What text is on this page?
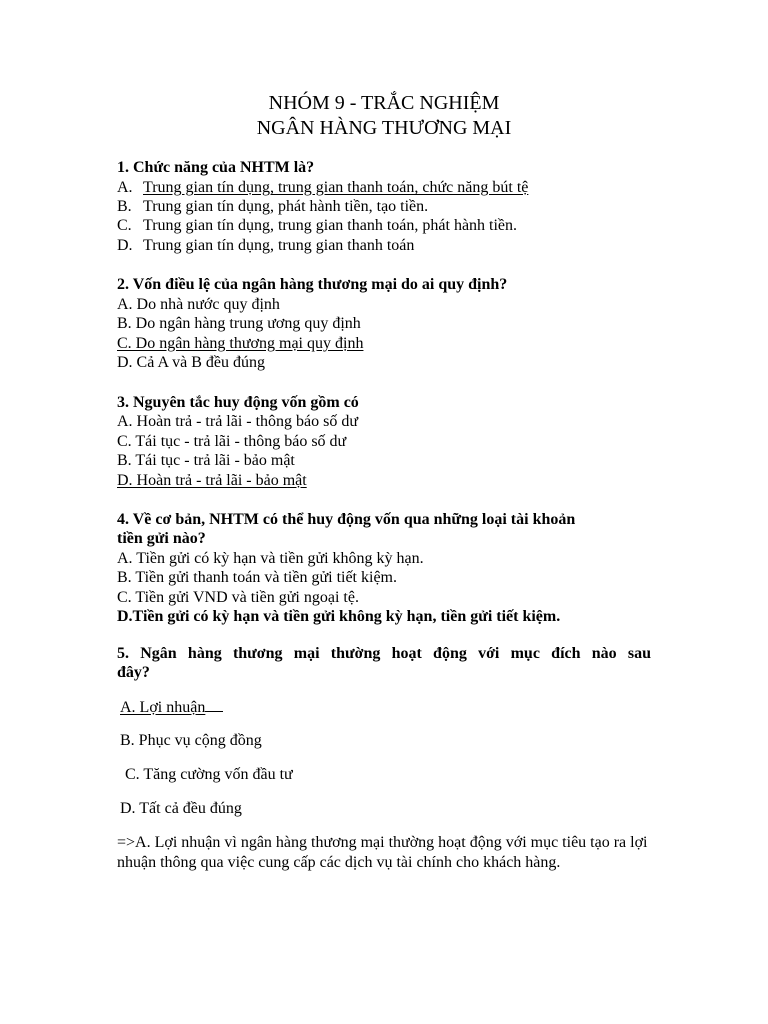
NHÓM 9 - TRẮC NGHIỆM
NGÂN HÀNG THƯƠNG MẠI
1. Chức năng của NHTM là?
A. Trung gian tín dụng, trung gian thanh toán, chức năng bút tệ
B. Trung gian tín dụng, phát hành tiền, tạo tiền.
C. Trung gian tín dụng, trung gian thanh toán, phát hành tiền.
D. Trung gian tín dụng, trung gian thanh toán
2. Vốn điều lệ của ngân hàng thương mại do ai quy định?
A. Do nhà nước quy định
B. Do ngân hàng trung ương quy định
C. Do ngân hàng thương mại quy định
D. Cả A và B đều đúng
3. Nguyên tắc huy động vốn gồm có
A. Hoàn trả - trả lãi - thông báo số dư
C. Tái tục - trả lãi - thông báo số dư
B. Tái tục - trả lãi - bảo mật
D. Hoàn trả - trả lãi - bảo mật
4. Về cơ bản, NHTM có thể huy động vốn qua những loại tài khoản
tiền gửi nào?
A. Tiền gửi có kỳ hạn và tiền gửi không kỳ hạn.
B. Tiền gửi thanh toán và tiền gửi tiết kiệm.
C. Tiền gửi VND và tiền gửi ngoại tệ.
D.Tiền gửi có kỳ hạn và tiền gửi không kỳ hạn, tiền gửi tiết kiệm.
5. Ngân hàng thương mại thường hoạt động với mục đích nào sau
đây?
A. Lợi nhuận
B. Phục vụ cộng đồng
C. Tăng cường vốn đầu tư
D. Tất cả đều đúng
=>A. Lợi nhuận vì ngân hàng thương mại thường hoạt động với mục tiêu tạo ra lợi nhuận thông qua việc cung cấp các dịch vụ tài chính cho khách hàng.
